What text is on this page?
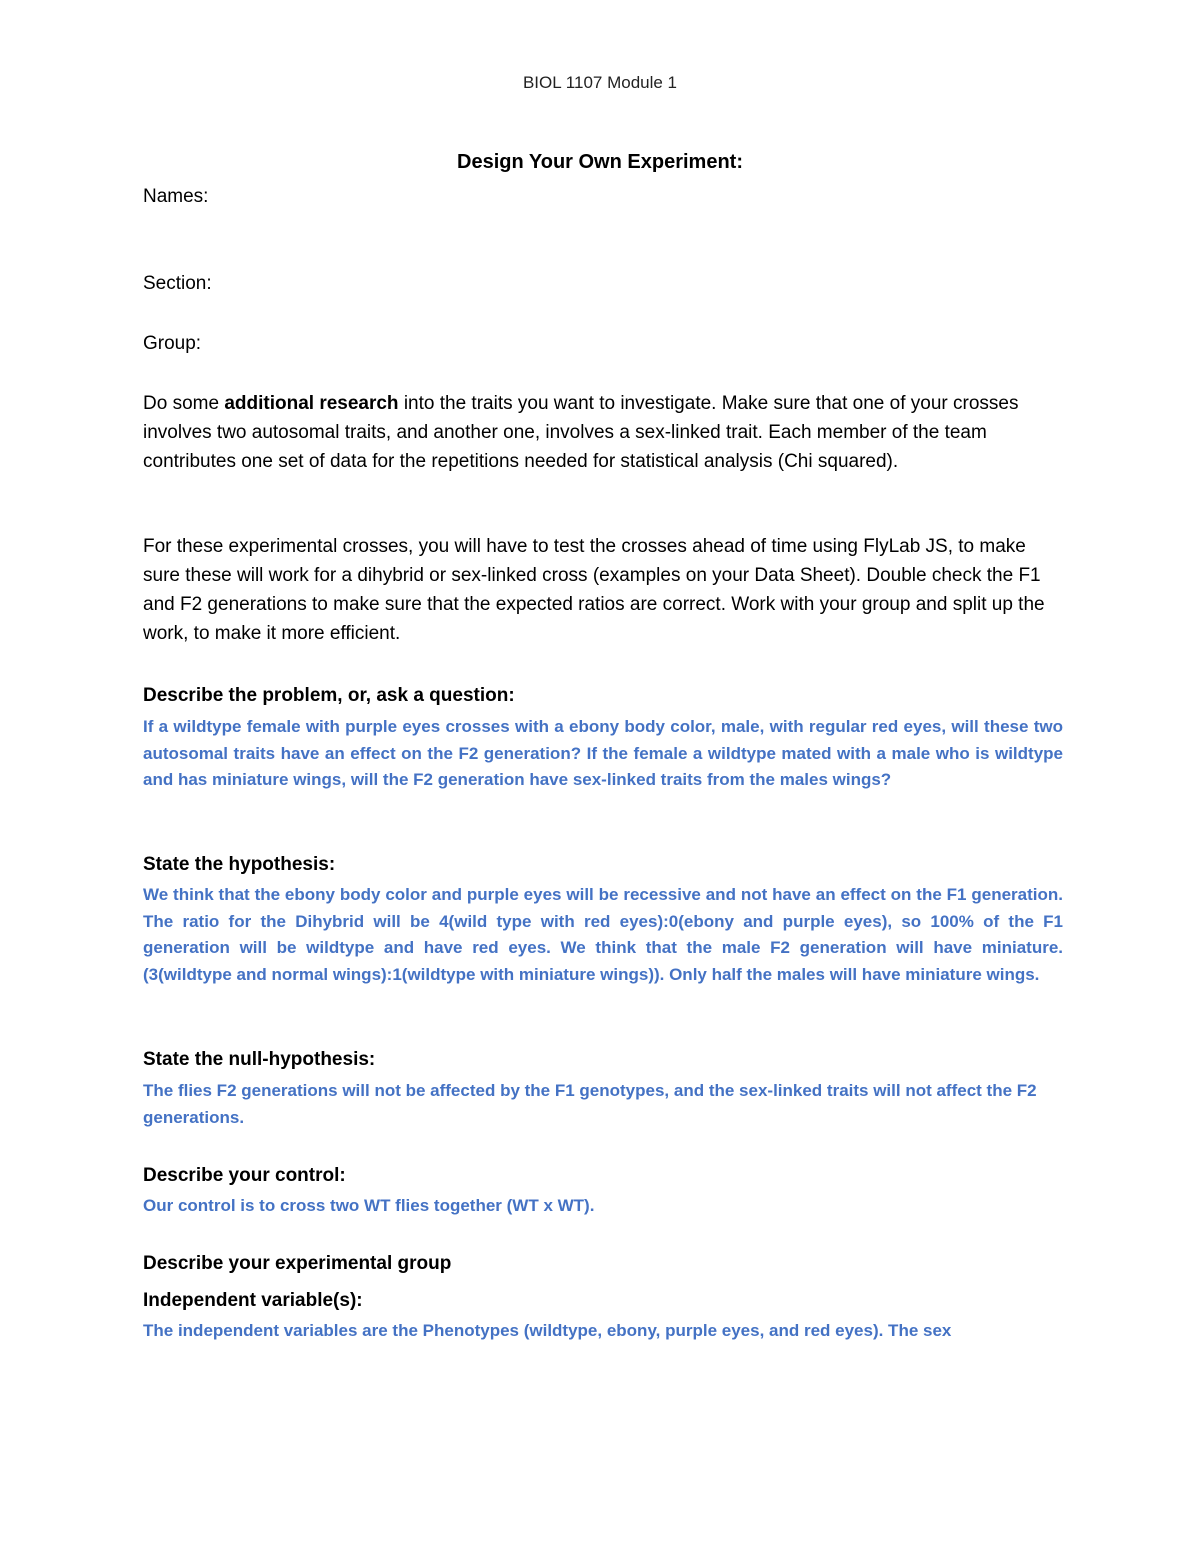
BIOL 1107 Module 1
Design Your Own Experiment:
Names:
Section:
Group:
Do some additional research into the traits you want to investigate. Make sure that one of your crosses involves two autosomal traits, and another one, involves a sex-linked trait. Each member of the team contributes one set of data for the repetitions needed for statistical analysis (Chi squared).
For these experimental crosses, you will have to test the crosses ahead of time using FlyLab JS, to make sure these will work for a dihybrid or sex-linked cross (examples on your Data Sheet). Double check the F1 and F2 generations to make sure that the expected ratios are correct. Work with your group and split up the work, to make it more efficient.
Describe the problem, or, ask a question:
If a wildtype female with purple eyes crosses with a ebony body color, male, with regular red eyes, will these two autosomal traits have an effect on the F2 generation? If the female a wildtype mated with a male who is wildtype and has miniature wings, will the F2 generation have sex-linked traits from the males wings?
State the hypothesis:
We think that the ebony body color and purple eyes will be recessive and not have an effect on the F1 generation. The ratio for the Dihybrid will be 4(wild type with red eyes):0(ebony and purple eyes), so 100% of the F1 generation will be wildtype and have red eyes. We think that the male F2 generation will have miniature. (3(wildtype and normal wings):1(wildtype with miniature wings)). Only half the males will have miniature wings.
State the null-hypothesis:
The flies F2 generations will not be affected by the F1 genotypes, and the sex-linked traits will not affect the F2 generations.
Describe your control:
Our control is to cross two WT flies together (WT x WT).
Describe your experimental group
Independent variable(s):
The independent variables are the Phenotypes (wildtype, ebony, purple eyes, and red eyes). The sex
